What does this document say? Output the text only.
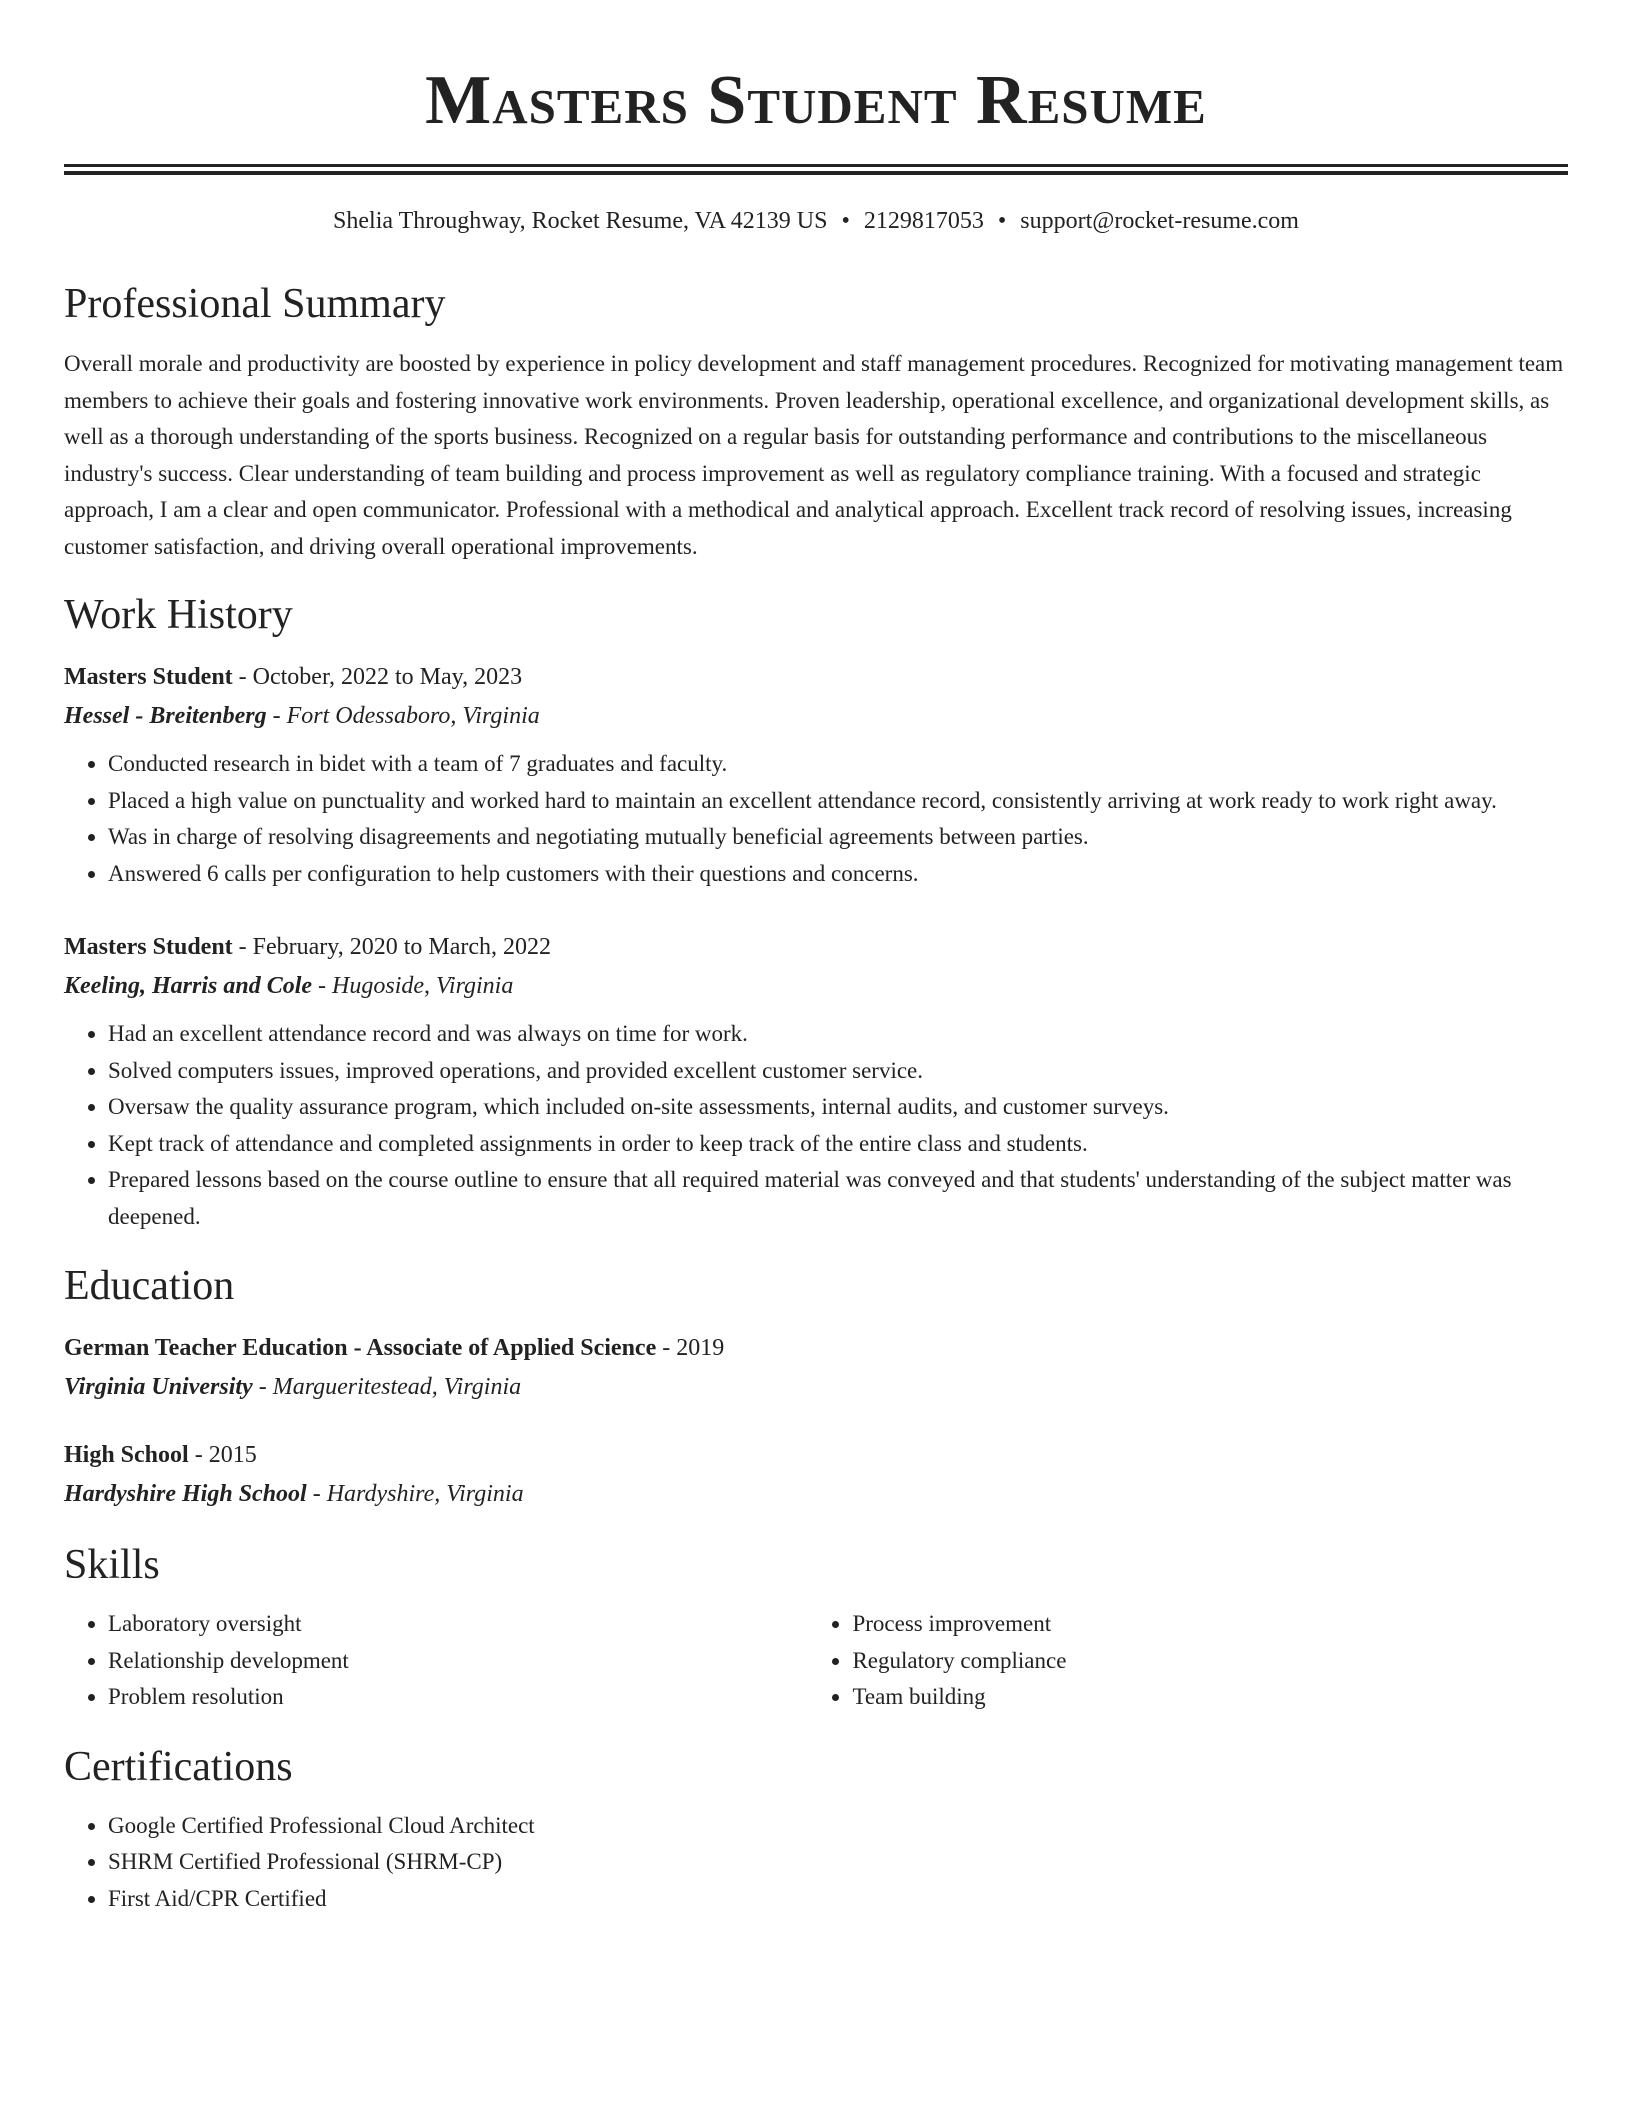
Masters Student Resume
Shelia Throughway, Rocket Resume, VA 42139 US • 2129817053 • support@rocket-resume.com
Professional Summary
Overall morale and productivity are boosted by experience in policy development and staff management procedures. Recognized for motivating management team members to achieve their goals and fostering innovative work environments. Proven leadership, operational excellence, and organizational development skills, as well as a thorough understanding of the sports business. Recognized on a regular basis for outstanding performance and contributions to the miscellaneous industry's success. Clear understanding of team building and process improvement as well as regulatory compliance training. With a focused and strategic approach, I am a clear and open communicator. Professional with a methodical and analytical approach. Excellent track record of resolving issues, increasing customer satisfaction, and driving overall operational improvements.
Work History
Masters Student - October, 2022 to May, 2023
Hessel - Breitenberg - Fort Odessaboro, Virginia
• Conducted research in bidet with a team of 7 graduates and faculty.
• Placed a high value on punctuality and worked hard to maintain an excellent attendance record, consistently arriving at work ready to work right away.
• Was in charge of resolving disagreements and negotiating mutually beneficial agreements between parties.
• Answered 6 calls per configuration to help customers with their questions and concerns.
Masters Student - February, 2020 to March, 2022
Keeling, Harris and Cole - Hugoside, Virginia
• Had an excellent attendance record and was always on time for work.
• Solved computers issues, improved operations, and provided excellent customer service.
• Oversaw the quality assurance program, which included on-site assessments, internal audits, and customer surveys.
• Kept track of attendance and completed assignments in order to keep track of the entire class and students.
• Prepared lessons based on the course outline to ensure that all required material was conveyed and that students' understanding of the subject matter was deepened.
Education
German Teacher Education - Associate of Applied Science - 2019
Virginia University - Margueritestead, Virginia
High School - 2015
Hardyshire High School - Hardyshire, Virginia
Skills
• Laboratory oversight
• Relationship development
• Problem resolution
• Process improvement
• Regulatory compliance
• Team building
Certifications
• Google Certified Professional Cloud Architect
• SHRM Certified Professional (SHRM-CP)
• First Aid/CPR Certified
